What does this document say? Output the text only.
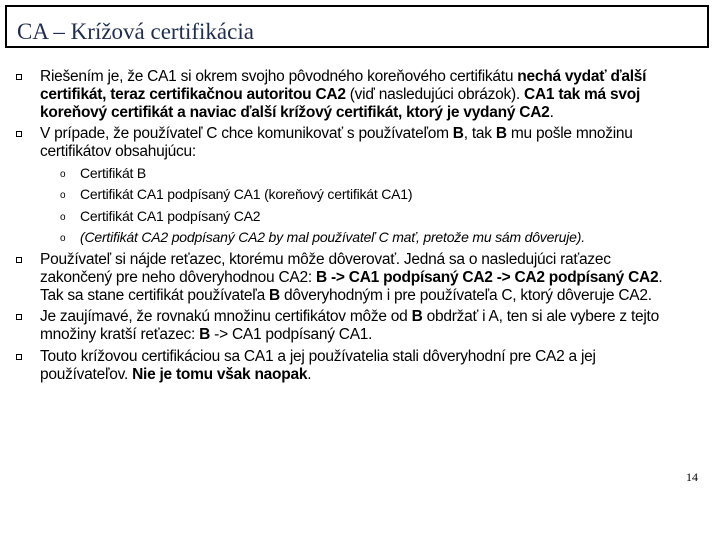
CA – Krížová certifikácia
Riešením je, že CA1 si okrem svojho pôvodného koreňového certifikátu nechá vydať ďalší certifikát, teraz certifikačnou autoritou CA2 (viď nasledujúci obrázok). CA1 tak má svoj koreňový certifikát a naviac ďalší krížový certifikát, ktorý je vydaný CA2.
V prípade, že používateľ C chce komunikovať s používateľom B, tak B mu pošle množinu certifikátov obsahujúcu:
o Certifikát B
o Certifikát CA1 podpísaný CA1 (koreňový certifikát CA1)
o Certifikát CA1 podpísaný CA2
o (Certifikát CA2 podpísaný CA2 by mal používateľ C mať, pretože mu sám dôveruje).
Používateľ si nájde reťazec, ktorému môže dôverovať. Jedná sa o nasledujúci raťazec zakončený pre neho dôveryhodnou CA2: B -> CA1 podpísaný CA2 -> CA2 podpísaný CA2. Tak sa stane certifikát používateľa B dôveryhodným i pre používateľa C, ktorý dôveruje CA2.
Je zaujímavé, že rovnakú množinu certifikátov môže od B obdržať i A, ten si ale vybere z tejto množiny kratší reťazec: B -> CA1 podpísaný CA1.
Touto krížovou certifikáciou sa CA1 a jej používatelia stali dôveryhodní pre CA2 a jej používateľov. Nie je tomu však naopak.
14
